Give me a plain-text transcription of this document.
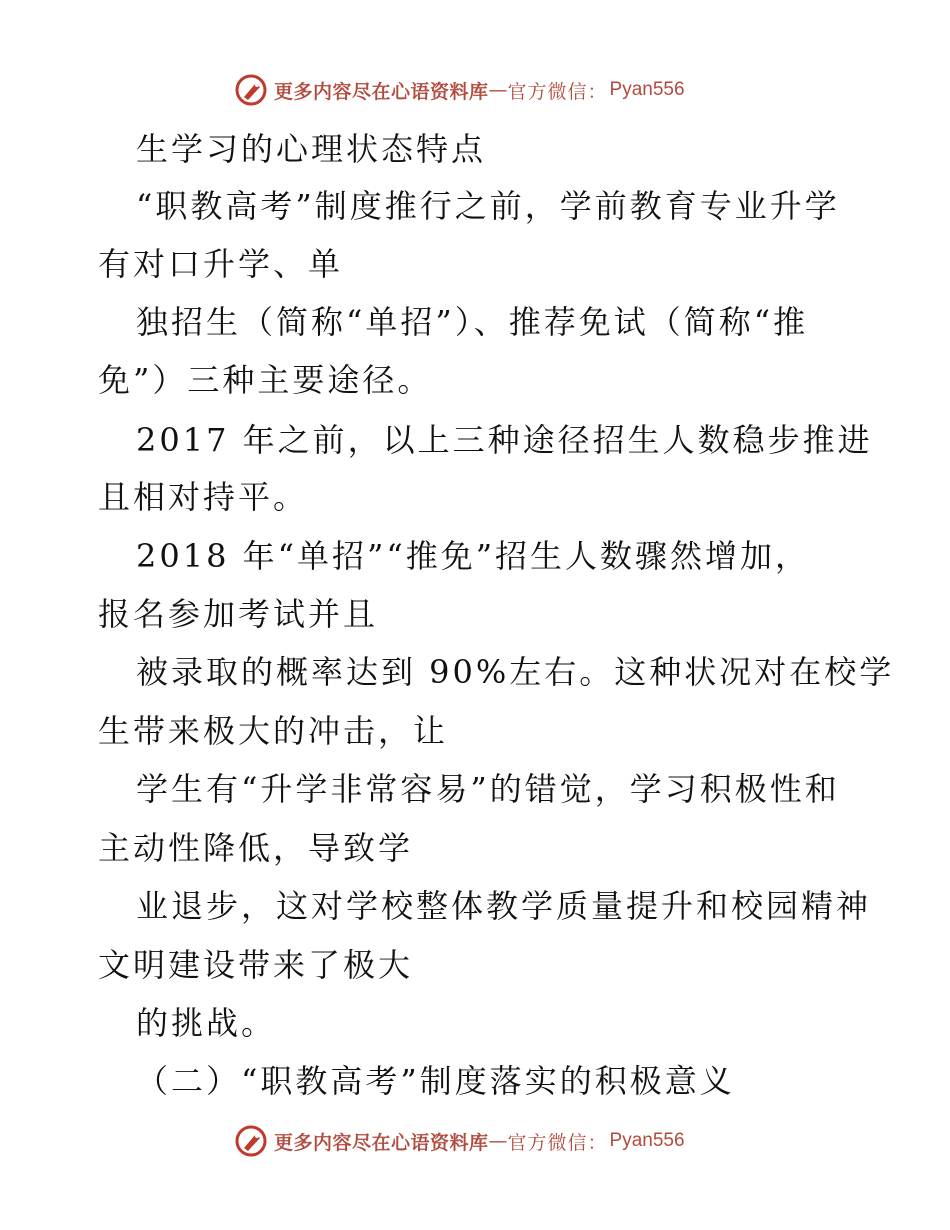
更多内容尽在心语资料库 — 官方微信： Pyan556
生学习的心理状态特点
“职教高考”制度推行之前，学前教育专业升学
有对口升学、单
独招生（简称“单招”）、推荐免试（简称“推
免”）三种主要途径。
2017 年之前，以上三种途径招生人数稳步推进
且相对持平。
2018 年“单招”“推免”招生人数骤然增加，
报名参加考试并且
被录取的概率达到 90%左右。这种状况对在校学
生带来极大的冲击，让
学生有“升学非常容易”的错觉，学习积极性和
主动性降低，导致学
业退步，这对学校整体教学质量提升和校园精神
文明建设带来了极大
的挑战。
（二）“职教高考”制度落实的积极意义
更多内容尽在心语资料库 — 官方微信： Pyan556
